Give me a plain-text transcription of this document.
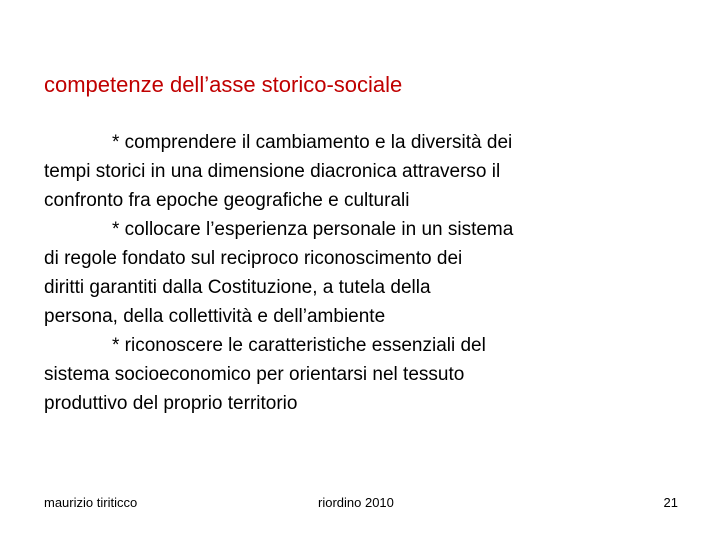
competenze dell’asse storico-sociale
* comprendere il cambiamento e la diversità dei
tempi storici in una dimensione diacronica attraverso il
confronto fra epoche geografiche e culturali
* collocare l’esperienza personale in un sistema
di regole fondato sul reciproco riconoscimento dei
diritti garantiti dalla Costituzione, a tutela della
persona, della collettività e dell’ambiente
* riconoscere le caratteristiche essenziali del
sistema socioeconomico per orientarsi nel tessuto
produttivo del proprio territorio
maurizio tiriticco	riordino 2010	21
